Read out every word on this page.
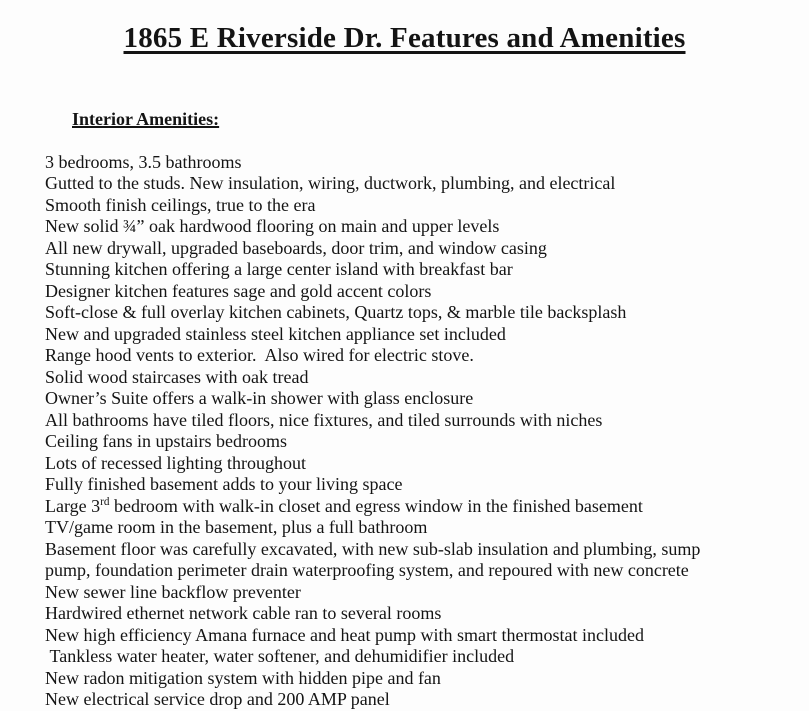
1865 E Riverside Dr. Features and Amenities

Interior Amenities:

3 bedrooms, 3.5 bathrooms
Gutted to the studs. New insulation, wiring, ductwork, plumbing, and electrical
Smooth finish ceilings, true to the era
New solid ¾” oak hardwood flooring on main and upper levels
All new drywall, upgraded baseboards, door trim, and window casing
Stunning kitchen offering a large center island with breakfast bar
Designer kitchen features sage and gold accent colors
Soft-close & full overlay kitchen cabinets, Quartz tops, & marble tile backsplash
New and upgraded stainless steel kitchen appliance set included
Range hood vents to exterior.  Also wired for electric stove.
Solid wood staircases with oak tread
Owner’s Suite offers a walk-in shower with glass enclosure
All bathrooms have tiled floors, nice fixtures, and tiled surrounds with niches
Ceiling fans in upstairs bedrooms
Lots of recessed lighting throughout
Fully finished basement adds to your living space
Large 3rd bedroom with walk-in closet and egress window in the finished basement
TV/game room in the basement, plus a full bathroom
Basement floor was carefully excavated, with new sub-slab insulation and plumbing, sump
pump, foundation perimeter drain waterproofing system, and repoured with new concrete
New sewer line backflow preventer
Hardwired ethernet network cable ran to several rooms
New high efficiency Amana furnace and heat pump with smart thermostat included
Tankless water heater, water softener, and dehumidifier included
New radon mitigation system with hidden pipe and fan
New electrical service drop and 200 AMP panel
